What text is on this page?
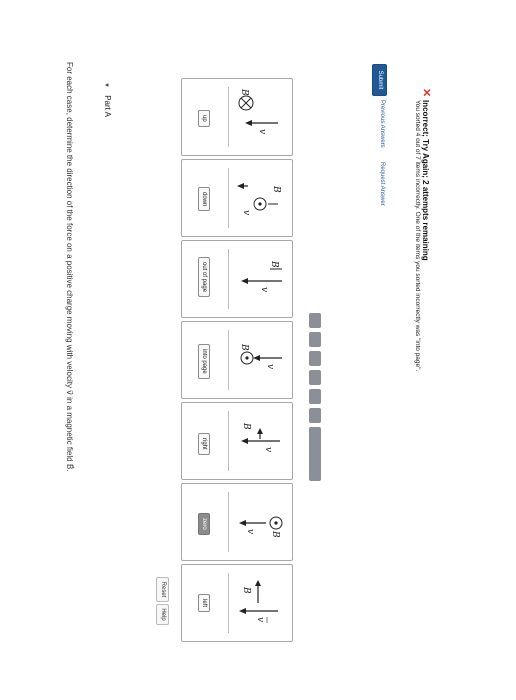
For each case, determine the direction of the force on a positive charge moving with velocity v⃗ in a magnetic field B⃗.	▼ Part A
Reset
Help	v
B
left
B
v
zero
v
B
right
B
v
into page
v
B
out of page
B
v
down
B
v
up
Submit
Previous Answers
Request Answer
✕
Incorrect; Try Again; 2 attempts remaining
You sorted 4 out of 7 items incorrectly. One of the items you sorted incorrectly was "into page".
